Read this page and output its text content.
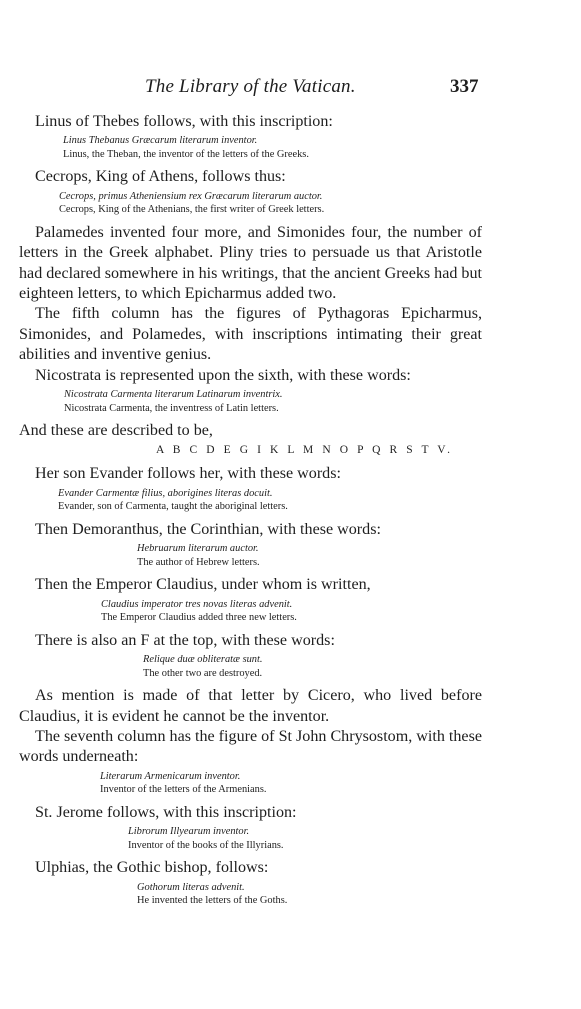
The Library of the Vatican.	337

Linus of Thebes follows, with this inscription:

Linus Thebanus Græcarum literarum inventor.
Linus, the Theban, the inventor of the letters of the Greeks.

Cecrops, King of Athens, follows thus:

Cecrops, primus Atheniensium rex Græcarum literarum auctor.
Cecrops, King of the Athenians, the first writer of Greek letters.

Palamedes invented four more, and Simonides four, the number of letters in the Greek alphabet. Pliny tries to persuade us that Aristotle had declared somewhere in his writings, that the ancient Greeks had but eighteen letters, to which Epicharmus added two.

The fifth column has the figures of Pythagoras Epicharmus, Simonides, and Polamedes, with inscriptions intimating their great abilities and inventive genius.

Nicostrata is represented upon the sixth, with these words:

Nicostrata Carmenta literarum Latinarum inventrix.
Nicostrata Carmenta, the inventress of Latin letters.

And these are described to be,

A B C D E G I K L M N O P Q R S T V.

Her son Evander follows her, with these words:

Evander Carmentæ filius, aborigines literas docuit.
Evander, son of Carmenta, taught the aboriginal letters.

Then Demoranthus, the Corinthian, with these words:

Hebruarum literarum auctor.
The author of Hebrew letters.

Then the Emperor Claudius, under whom is written,

Claudius imperator tres novas literas advenit.
The Emperor Claudius added three new letters.

There is also an F at the top, with these words:

Relique duæ obliteratæ sunt.
The other two are destroyed.

As mention is made of that letter by Cicero, who lived before Claudius, it is evident he cannot be the inventor.

The seventh column has the figure of St John Chrysostom, with these words underneath:

Literarum Armenicarum inventor.
Inventor of the letters of the Armenians.

St. Jerome follows, with this inscription:

Librorum Illyearum inventor.
Inventor of the books of the Illyrians.

Ulphias, the Gothic bishop, follows:

Gothorum literas advenit.
He invented the letters of the Goths.
